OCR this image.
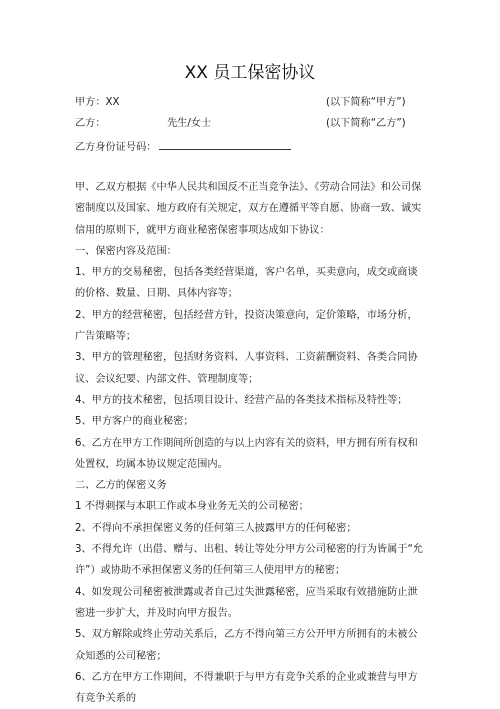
XX 员工保密协议
甲方：XX	(以下简称“甲方”)
乙方：	先生/女士	(以下简称“乙方”)
乙方身份证号码：

甲、乙双方根据《中华人民共和国反不正当竞争法》、《劳动合同法》和公司保密制度以及国家、地方政府有关规定，双方在遵循平等自愿、协商一致、诚实信用的原则下，就甲方商业秘密保密事项达成如下协议：

一、保密内容及范围：

1、甲方的交易秘密，包括各类经营渠道，客户名单，买卖意向，成交或商谈的价格、数量、日期、具体内容等；

2、甲方的经营秘密，包括经营方针，投资决策意向，定价策略，市场分析，广告策略等；

3、甲方的管理秘密，包括财务资料、人事资料、工资薪酬资料、各类合同协议、会议纪要、内部文件、管理制度等；

4、甲方的技术秘密，包括项目设计、经营产品的各类技术指标及特性等；

5、甲方客户的商业秘密；

6、乙方在甲方工作期间所创造的与以上内容有关的资料，甲方拥有所有权和处置权，均属本协议规定范围内。

二、乙方的保密义务

1 不得刺探与本职工作或本身业务无关的公司秘密；

2、不得向不承担保密义务的任何第三人披露甲方的任何秘密；

3、不得允许（出借、赠与、出租、转让等处分甲方公司秘密的行为皆属于“允许”）或协助不承担保密义务的任何第三人使用甲方的秘密；

4、如发现公司秘密被泄露或者自己过失泄露秘密，应当采取有效措施防止泄密进一步扩大，并及时向甲方报告。

5、双方解除或终止劳动关系后，乙方不得向第三方公开甲方所拥有的未被公众知悉的公司秘密；

6、乙方在甲方工作期间，不得兼职于与甲方有竞争关系的企业或兼营与甲方有竞争关系的
